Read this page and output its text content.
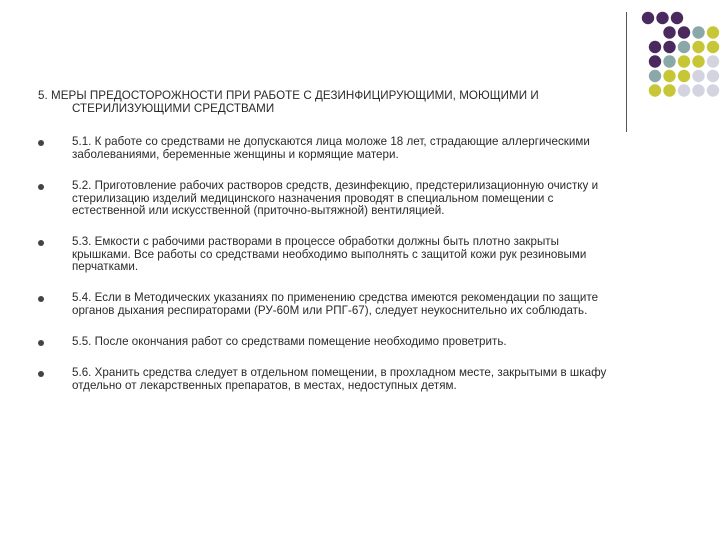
5. МЕРЫ ПРЕДОСТОРОЖНОСТИ ПРИ РАБОТЕ С ДЕЗИНФИЦИРУЮЩИМИ, МОЮЩИМИ И
СТЕРИЛИЗУЮЩИМИ СРЕДСТВАМИ
5.1. К работе со средствами не допускаются лица моложе 18 лет, страдающие аллергическими
заболеваниями, беременные женщины и кормящие матери.
5.2. Приготовление рабочих растворов средств, дезинфекцию, предстерилизационную очистку и
стерилизацию изделий медицинского назначения проводят в специальном помещении с
естественной или искусственной (приточно-вытяжной) вентиляцией.
5.3. Емкости с рабочими растворами в процессе обработки должны быть плотно закрыты
крышками. Все работы со средствами необходимо выполнять с защитой кожи рук резиновыми
перчатками.
5.4. Если в Методических указаниях по применению средства имеются рекомендации по защите
органов дыхания респираторами (РУ-60М или РПГ-67), следует неукоснительно их соблюдать.
5.5. После окончания работ со средствами помещение необходимо проветрить.
5.6. Хранить средства следует в отдельном помещении, в прохладном месте, закрытыми в шкафу
отдельно от лекарственных препаратов, в местах, недоступных детям.
